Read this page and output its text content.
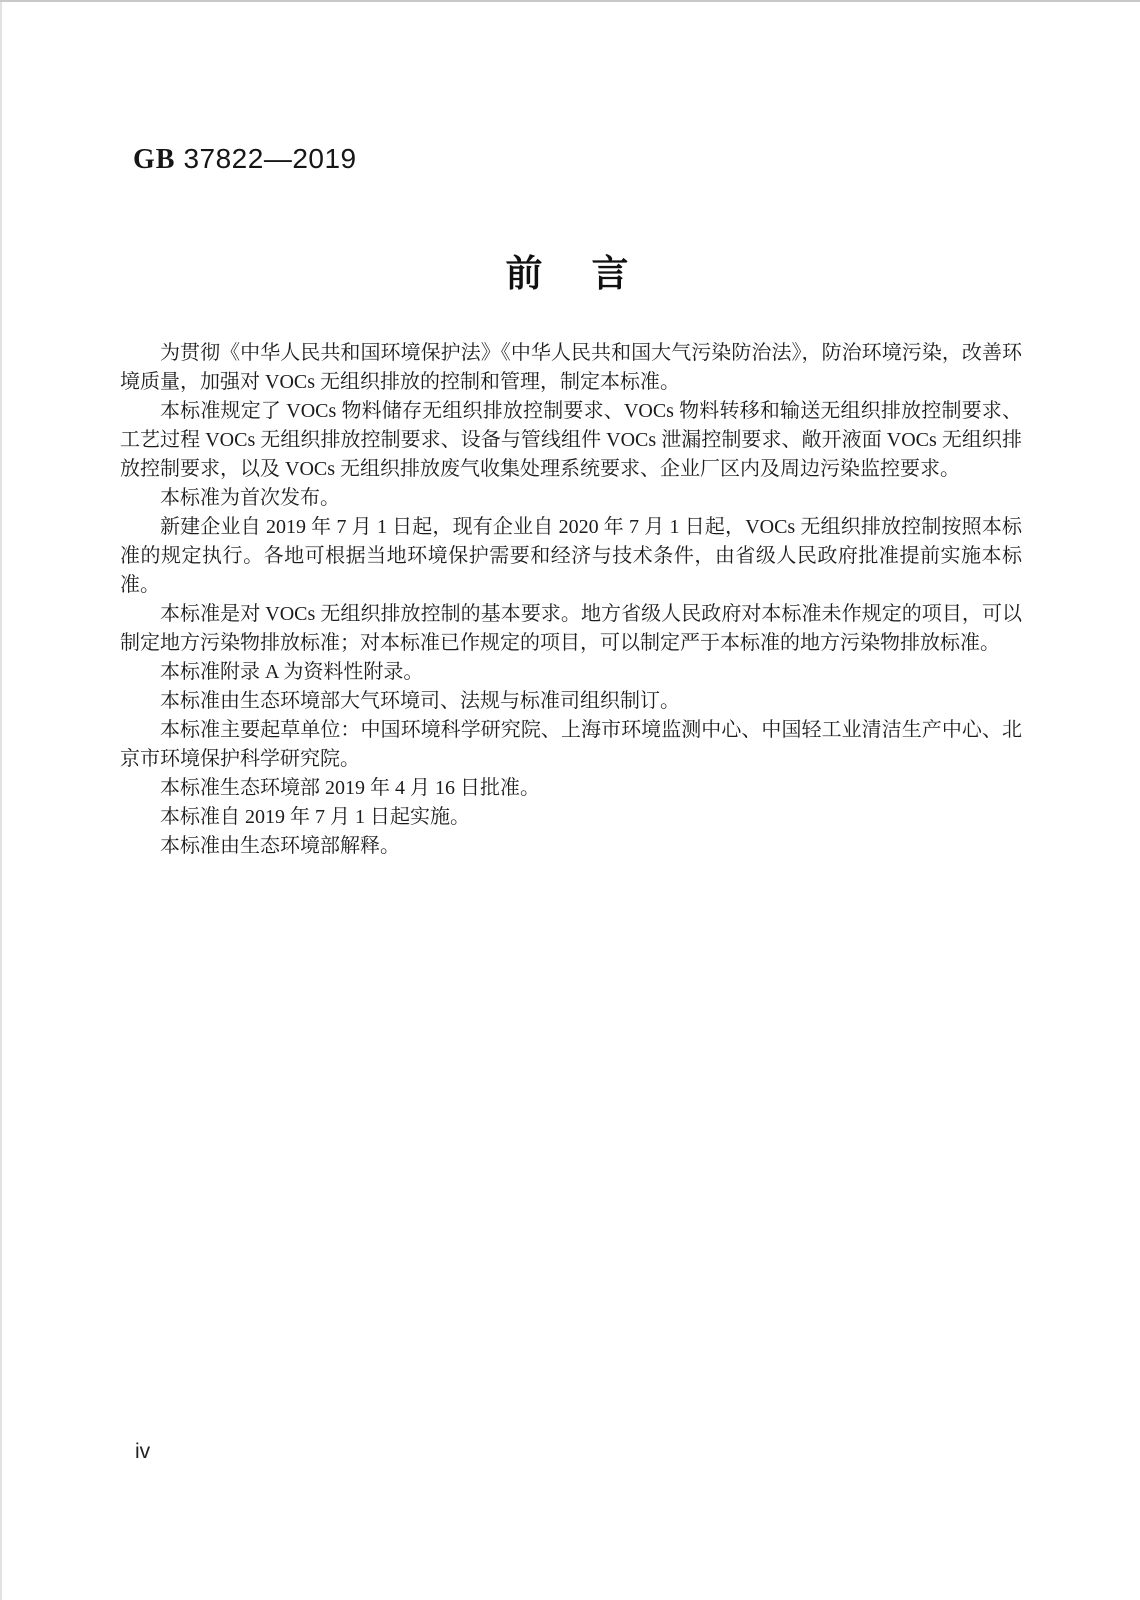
GB 37822—2019
前　言

为贯彻《中华人民共和国环境保护法》《中华人民共和国大气污染防治法》，防治环境污染，改善环境质量，加强对 VOCs 无组织排放的控制和管理，制定本标准。

本标准规定了 VOCs 物料储存无组织排放控制要求、VOCs 物料转移和输送无组织排放控制要求、工艺过程 VOCs 无组织排放控制要求、设备与管线组件 VOCs 泄漏控制要求、敞开液面 VOCs 无组织排放控制要求，以及 VOCs 无组织排放废气收集处理系统要求、企业厂区内及周边污染监控要求。

本标准为首次发布。

新建企业自 2019 年 7 月 1 日起，现有企业自 2020 年 7 月 1 日起，VOCs 无组织排放控制按照本标准的规定执行。各地可根据当地环境保护需要和经济与技术条件，由省级人民政府批准提前实施本标准。

本标准是对 VOCs 无组织排放控制的基本要求。地方省级人民政府对本标准未作规定的项目，可以制定地方污染物排放标准；对本标准已作规定的项目，可以制定严于本标准的地方污染物排放标准。

本标准附录 A 为资料性附录。

本标准由生态环境部大气环境司、法规与标准司组织制订。

本标准主要起草单位：中国环境科学研究院、上海市环境监测中心、中国轻工业清洁生产中心、北京市环境保护科学研究院。

本标准生态环境部 2019 年 4 月 16 日批准。

本标准自 2019 年 7 月 1 日起实施。

本标准由生态环境部解释。

iv
